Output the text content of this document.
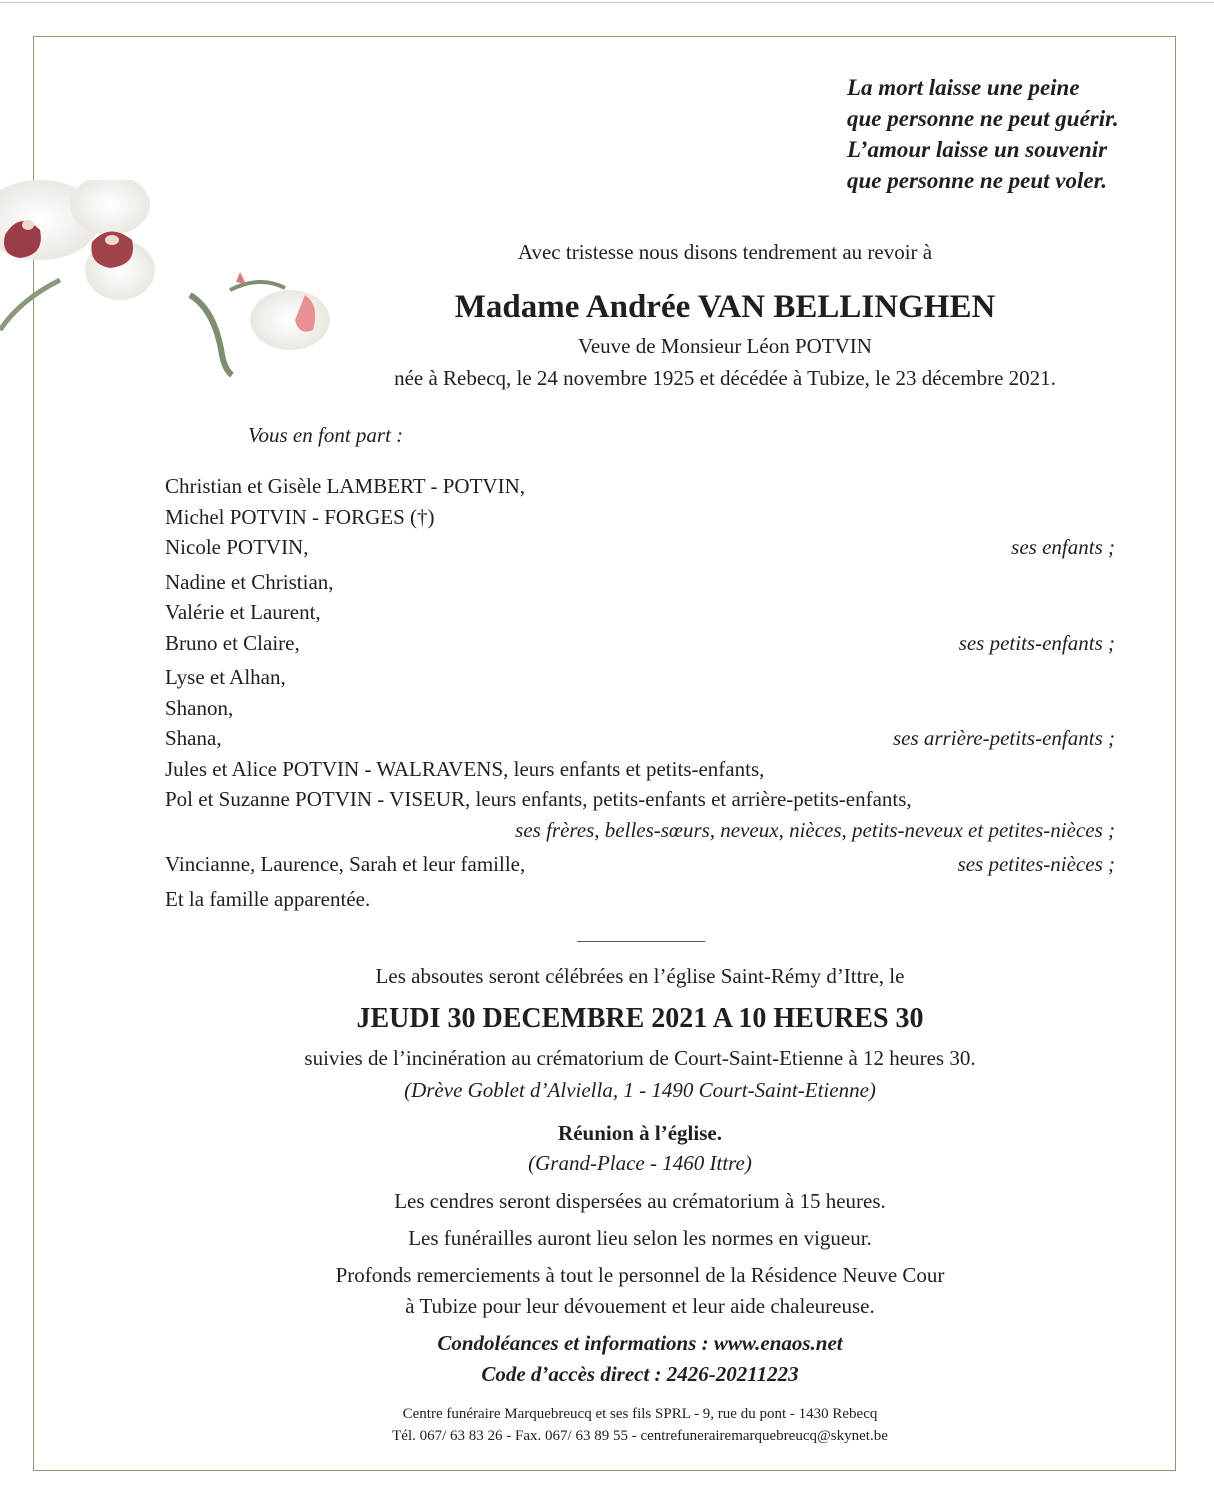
La mort laisse une peine
que personne ne peut guérir.
L’amour laisse un souvenir
que personne ne peut voler.
Avec tristesse nous disons tendrement au revoir à
Madame Andrée VAN BELLINGHEN
Veuve de Monsieur Léon POTVIN
née à Rebecq, le 24 novembre 1925 et décédée à Tubize, le 23 décembre 2021.
Vous en font part :
Christian et Gisèle LAMBERT - POTVIN,
Michel POTVIN - FORGES (†)
Nicole POTVIN,	ses enfants ;
Nadine et Christian,
Valérie et Laurent,
Bruno et Claire,	ses petits-enfants ;
Lyse et Alhan,
Shanon,
Shana,	ses arrière-petits-enfants ;
Jules et Alice POTVIN - WALRAVENS, leurs enfants et petits-enfants,
Pol et Suzanne POTVIN - VISEUR, leurs enfants, petits-enfants et arrière-petits-enfants,
ses frères, belles-sœurs, neveux, nièces, petits-neveux et petites-nièces ;
Vincianne, Laurence, Sarah et leur famille,	ses petites-nièces ;
Et la famille apparentée.
Les absoutes seront célébrées en l’église Saint-Rémy d’Ittre, le
JEUDI 30 DECEMBRE 2021 A 10 HEURES 30
suivies de l’incinération au crématorium de Court-Saint-Etienne à 12 heures 30.
(Drève Goblet d’Alviella, 1 - 1490 Court-Saint-Etienne)
Réunion à l’église.
(Grand-Place - 1460 Ittre)
Les cendres seront dispersées au crématorium à 15 heures.
Les funérailles auront lieu selon les normes en vigueur.
Profonds remerciements à tout le personnel de la Résidence Neuve Cour
à Tubize pour leur dévouement et leur aide chaleureuse.
Condoléances et informations : www.enaos.net
Code d’accès direct : 2426-20211223
Centre funéraire Marquebreucq et ses fils SPRL - 9, rue du pont - 1430 Rebecq
Tél. 067/ 63 83 26 - Fax. 067/ 63 89 55 - centrefunerairemarquebreucq@skynet.be
